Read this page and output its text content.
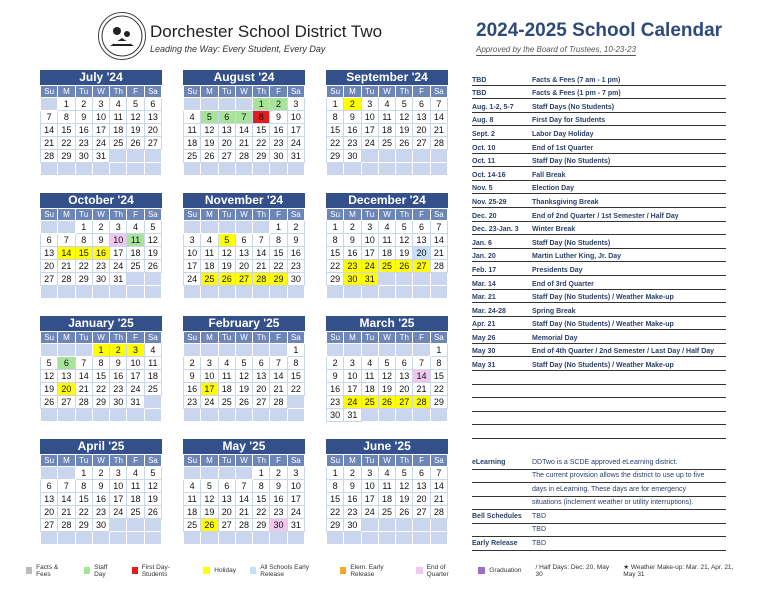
Dorchester School District Two
Leading the Way: Every Student, Every Day
2024-2025 School Calendar
Approved by the Board of Trustees, 10-23-23
July '24
Su	M	Tu	W	Th	F	Sa
	1	2	3	4	5	6
7	8	9	10	11	12	13
14	15	16	17	18	19	20
21	22	23	24	25	26	27
28	29	30	31			

August '24
Su	M	Tu	W	Th	F	Sa
				1	2	3
4	5	6	7	8	9	10
11	12	13	14	15	16	17
18	19	20	21	22	23	24
25	26	27	28	29	30	31

September '24
Su	M	Tu	W	Th	F	Sa
1	2	3	4	5	6	7
8	9	10	11	12	13	14
15	16	17	18	19	20	21
22	23	24	25	26	27	28
29	30					

October '24
Su	M	Tu	W	Th	F	Sa
		1	2	3	4	5
6	7	8	9	10	11	12
13	14	15	16	17	18	19
20	21	22	23	24	25	26
27	28	29	30	31		

November '24
Su	M	Tu	W	Th	F	Sa
					1	2
3	4	5	6	7	8	9
10	11	12	13	14	15	16
17	18	19	20	21	22	23
24	25	26	27	28	29	30

December '24
Su	M	Tu	W	Th	F	Sa
1	2	3	4	5	6	7
8	9	10	11	12	13	14
15	16	17	18	19	20	21
22	23	24	25	26	27	28
29	30	31				

January '25
Su	M	Tu	W	Th	F	Sa
			1	2	3	4
5	6	7	8	9	10	11
12	13	14	15	16	17	18
19	20	21	22	23	24	25
26	27	28	29	30	31	

February '25
Su	M	Tu	W	Th	F	Sa
						1
2	3	4	5	6	7	8
9	10	11	12	13	14	15
16	17	18	19	20	21	22
23	24	25	26	27	28	

March '25
Su	M	Tu	W	Th	F	Sa
						1
2	3	4	5	6	7	8
9	10	11	12	13	14	15
16	17	18	19	20	21	22
23	24	25	26	27	28	29
30	31					
April '25
Su	M	Tu	W	Th	F	Sa
		1	2	3	4	5
6	7	8	9	10	11	12
13	14	15	16	17	18	19
20	21	22	23	24	25	26
27	28	29	30			

May '25
Su	M	Tu	W	Th	F	Sa
				1	2	3
4	5	6	7	8	9	10
11	12	13	14	15	16	17
18	19	20	21	22	23	24
25	26	27	28	29	30	31

June '25
Su	M	Tu	W	Th	F	Sa
1	2	3	4	5	6	7
8	9	10	11	12	13	14
15	16	17	18	19	20	21
22	23	24	25	26	27	28
29	30					

TBD	Facts & Fees (7 am - 1 pm)
TBD	Facts & Fees (1 pm - 7 pm)
Aug. 1-2, 5-7	Staff Days (No Students)
Aug. 8	First Day for Students
Sept. 2	Labor Day Holiday
Oct. 10	End of 1st Quarter
Oct. 11	Staff Day (No Students)
Oct. 14-16	Fall Break
Nov. 5	Election Day
Nov. 25-29	Thanksgiving Break
Dec. 20	End of 2nd Quarter / 1st Semester / Half Day
Dec. 23-Jan. 3	Winter Break
Jan. 6	Staff Day (No Students)
Jan. 20	Martin Luther King, Jr. Day
Feb. 17	Presidents Day
Mar. 14	End of 3rd Quarter
Mar. 21	Staff Day (No Students) / Weather Make-up
Mar. 24-28	Spring Break
Apr. 21	Staff Day (No Students) / Weather Make-up
May 26	Memorial Day
May 30	End of 4th Quarter / 2nd Semester / Last Day / Half Day
May 31	Staff Day (No Students) / Weather Make-up
eLearning	DDTwo is a SCDE approved eLearning district.
The current provision allows the district to use up to five
days in eLearning. These days are for emergency
situations (inclement weather or utility interruptions).
Bell Schedules	TBD
TBD
Early Release	TBD
Facts & Fees
Staff Day
First Day-Students	Holiday	All Schools Early Release
Elem. Early Release
End of Quarter	Graduation / Half Days: Dec. 20, May 30
★ Weather Make-up: Mar. 21, Apr. 21, May 31
